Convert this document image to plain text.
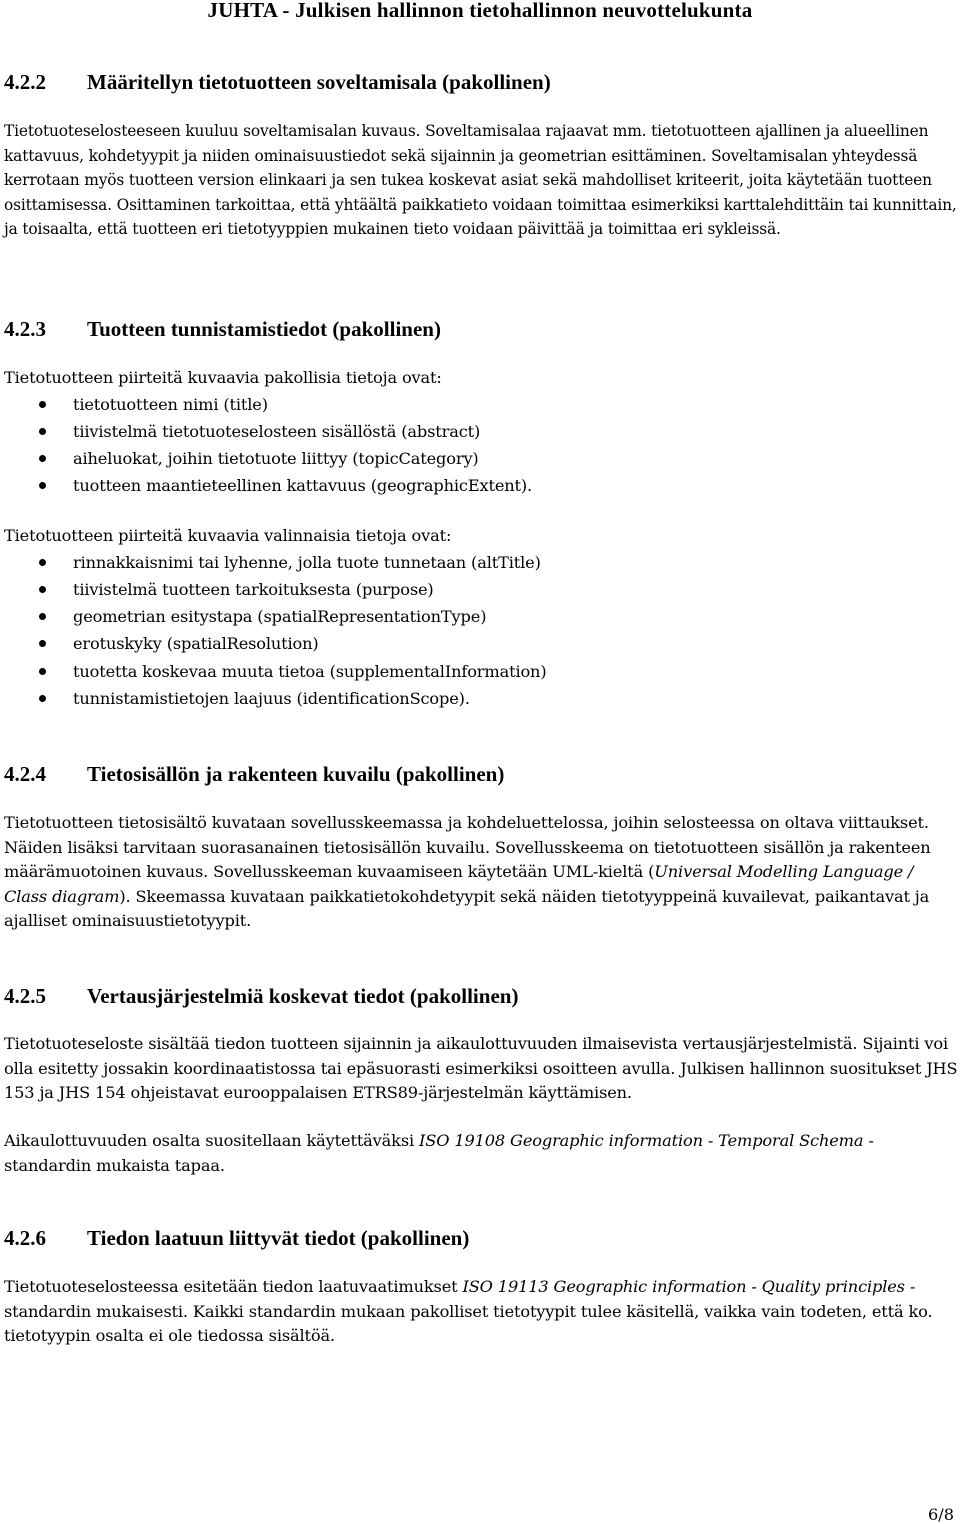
JUHTA - Julkisen hallinnon tietohallinnon neuvottelukunta
4.2.2	Määritellyn tietotuotteen soveltamisala (pakollinen)

Tietotuoteselosteeseen kuuluu soveltamisalan kuvaus. Soveltamisalaa rajaavat mm. tietotuotteen ajallinen ja alueellinen kattavuus, kohdetyypit ja niiden ominaisuustiedot sekä sijainnin ja geometrian esittäminen. Soveltamisalan yhteydessä kerrotaan myös tuotteen version elinkaari ja sen tukea koskevat asiat sekä mahdolliset kriteerit, joita käytetään tuotteen osittamisessa. Osittaminen tarkoittaa, että yhtäältä paikkatieto voidaan toimittaa esimerkiksi karttalehdittäin tai kunnittain, ja toisaalta, että tuotteen eri tietotyyppien mukainen tieto voidaan päivittää ja toimittaa eri sykleissä.

4.2.3	Tuotteen tunnistamistiedot (pakollinen)

Tietotuotteen piirteitä kuvaavia pakollisia tietoja ovat:

tietotuotteen nimi (title)
tiivistelmä tietotuoteselosteen sisällöstä (abstract)
aiheluokat, joihin tietotuote liittyy (topicCategory)
tuotteen maantieteellinen kattavuus (geographicExtent).

Tietotuotteen piirteitä kuvaavia valinnaisia tietoja ovat:

rinnakkaisnimi tai lyhenne, jolla tuote tunnetaan (altTitle)
tiivistelmä tuotteen tarkoituksesta (purpose)
geometrian esitystapa (spatialRepresentationType)
erotuskyky (spatialResolution)
tuotetta koskevaa muuta tietoa (supplementalInformation)
tunnistamistietojen laajuus (identificationScope).
4.2.4	Tietosisällön ja rakenteen kuvailu (pakollinen)

Tietotuotteen tietosisältö kuvataan sovellusskeemassa ja kohdeluettelossa, joihin selosteessa on oltava viittaukset. Näiden lisäksi tarvitaan suorasanainen tietosisällön kuvailu. Sovellusskeema on tietotuotteen sisällön ja rakenteen määrämuotoinen kuvaus. Sovellusskeeman kuvaamiseen käytetään UML-kieltä (Universal Modelling Language / Class diagram). Skeemassa kuvataan paikkatietokohdetyypit sekä näiden tietotyyppeinä kuvailevat, paikantavat ja ajalliset ominaisuustietotyypit.

4.2.5	Vertausjärjestelmiä koskevat tiedot (pakollinen)

Tietotuoteseloste sisältää tiedon tuotteen sijainnin ja aikaulottuvuuden ilmaisevista vertausjärjestelmistä. Sijainti voi olla esitetty jossakin koordinaatistossa tai epäsuorasti esimerkiksi osoitteen avulla. Julkisen hallinnon suositukset JHS 153 ja JHS 154 ohjeistavat eurooppalaisen ETRS89-järjestelmän käyttämisen.

Aikaulottuvuuden osalta suositellaan käytettäväksi ISO 19108 Geographic information - Temporal Schema -standardin mukaista tapaa.

4.2.6	Tiedon laatuun liittyvät tiedot (pakollinen)

Tietotuoteselosteessa esitetään tiedon laatuvaatimukset ISO 19113 Geographic information - Quality principles -standardin mukaisesti. Kaikki standardin mukaan pakolliset tietotyypit tulee käsitellä, vaikka vain todeten, että ko. tietotyypin osalta ei ole tiedossa sisältöä.

6/8
